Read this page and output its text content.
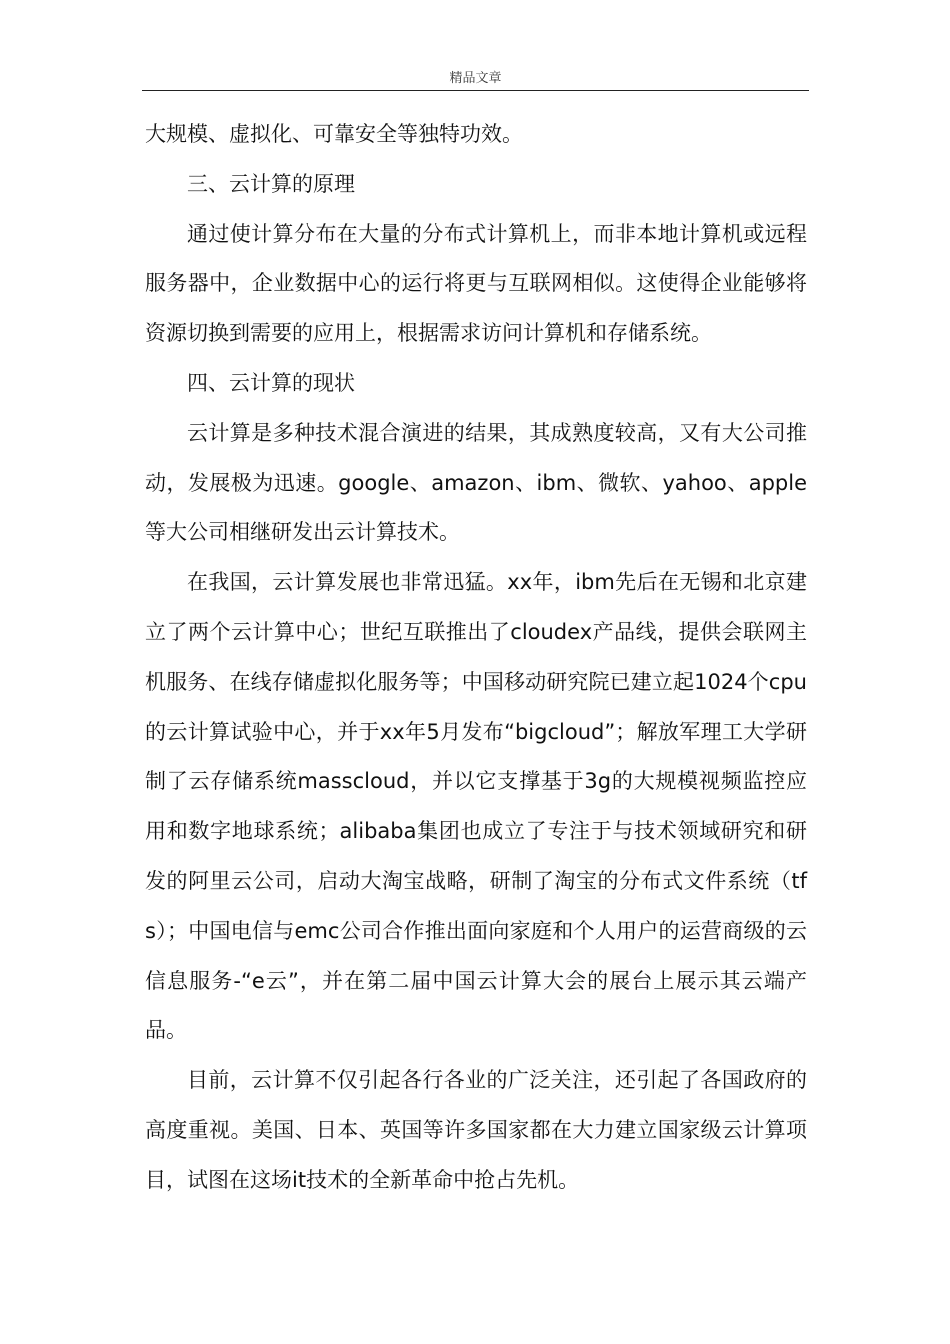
精品文章

大规模、虚拟化、可靠安全等独特功效。

三、云计算的原理

通过使计算分布在大量的分布式计算机上，而非本地计算机或远程服务器中，企业数据中心的运行将更与互联网相似。这使得企业能够将资源切换到需要的应用上，根据需求访问计算机和存储系统。

四、云计算的现状

云计算是多种技术混合演进的结果，其成熟度较高，又有大公司推动，发展极为迅速。google、amazon、ibm、微软、yahoo、apple等大公司相继研发出云计算技术。

在我国，云计算发展也非常迅猛。xx年，ibm先后在无锡和北京建立了两个云计算中心；世纪互联推出了cloudex产品线，提供会联网主机服务、在线存储虚拟化服务等；中国移动研究院已建立起1024个cpu的云计算试验中心，并于xx年5月发布“bigcloud”；解放军理工大学研制了云存储系统masscloud，并以它支撑基于3g的大规模视频监控应用和数字地球系统；alibaba集团也成立了专注于与技术领域研究和研发的阿里云公司，启动大淘宝战略，研制了淘宝的分布式文件系统（tfs）；中国电信与emc公司合作推出面向家庭和个人用户的运营商级的云信息服务-“e云”，并在第二届中国云计算大会的展台上展示其云端产品。

目前，云计算不仅引起各行各业的广泛关注，还引起了各国政府的高度重视。美国、日本、英国等许多国家都在大力建立国家级云计算项目，试图在这场it技术的全新革命中抢占先机。
